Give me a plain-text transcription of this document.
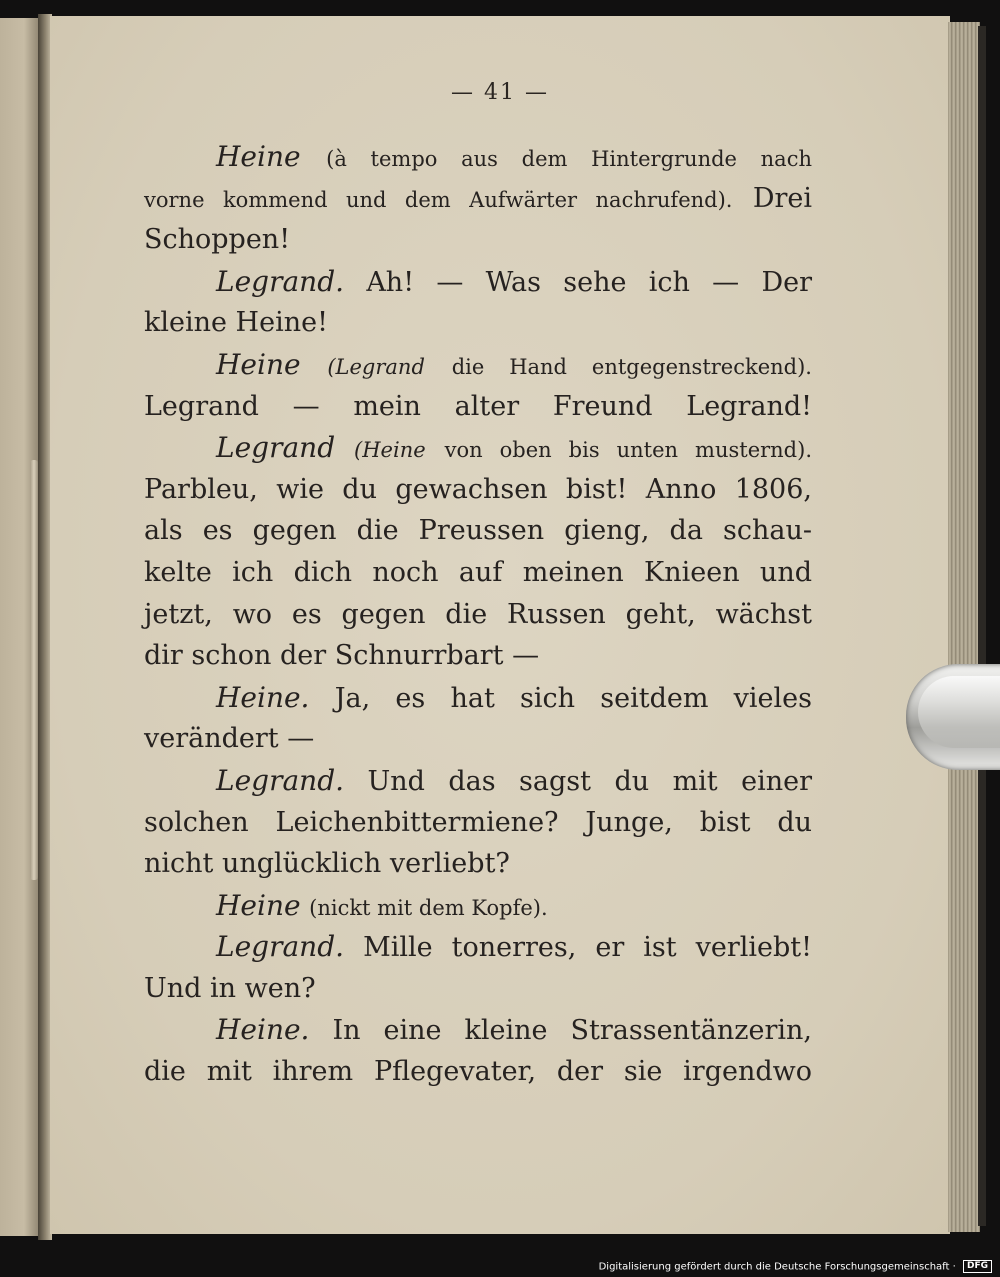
— 41 —
Heine (à tempo aus dem Hintergrunde nach
vorne kommend und dem Aufwärter nachrufend). Drei
Schoppen!
Legrand. Ah! — Was sehe ich — Der
kleine Heine!
Heine (Legrand die Hand entgegenstreckend).
Legrand — mein alter Freund Legrand!
Legrand (Heine von oben bis unten musternd).
Parbleu, wie du gewachsen bist! Anno 1806,
als es gegen die Preussen gieng, da schau-
kelte ich dich noch auf meinen Knieen und
jetzt, wo es gegen die Russen geht, wächst
dir schon der Schnurrbart —
Heine. Ja, es hat sich seitdem vieles
verändert —
Legrand. Und das sagst du mit einer
solchen Leichenbittermiene? Junge, bist du
nicht unglücklich verliebt?
Heine (nickt mit dem Kopfe).
Legrand. Mille tonerres, er ist verliebt!
Und in wen?
Heine. In eine kleine Strassentänzerin,
die mit ihrem Pflegevater, der sie irgendwo
Digitalisierung gefördert durch die Deutsche Forschungsgemeinschaft · DFG
